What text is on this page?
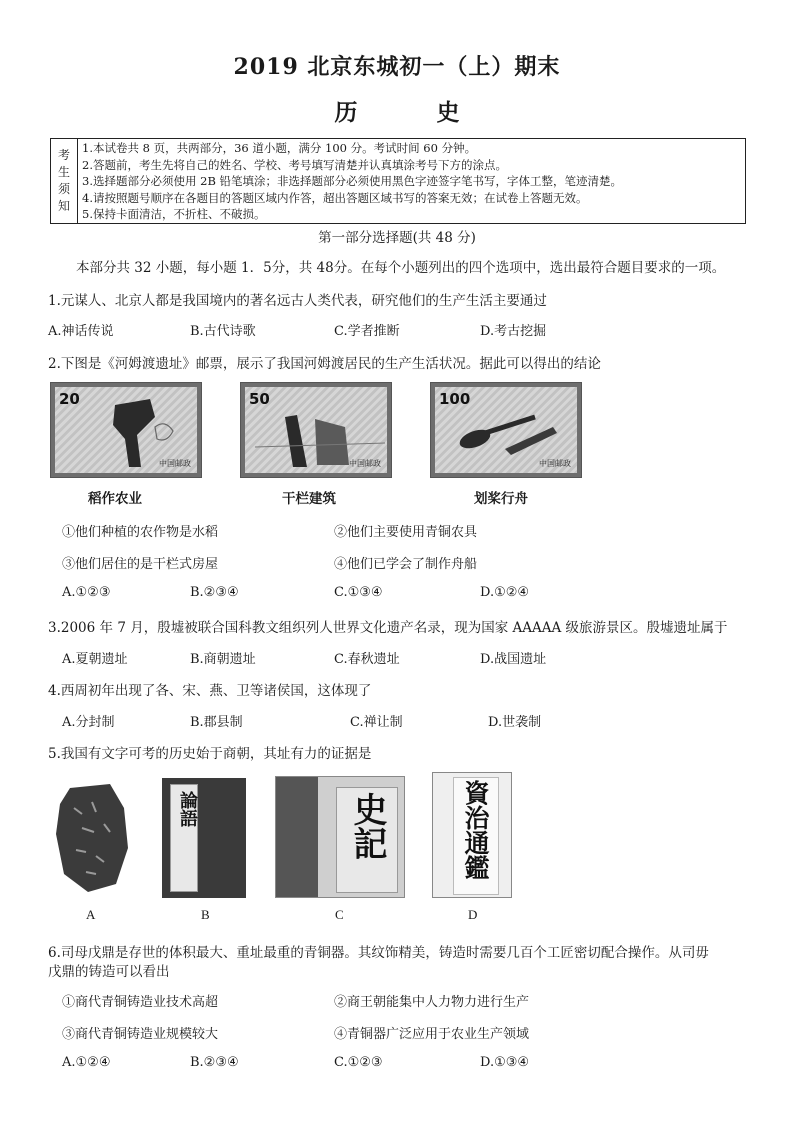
2019 北京东城初一（上）期末
历　史
考
生
须
知
1.本试卷共 8 页，共两部分，36 道小题，满分 100 分。考试时间 60 分钟。
2.答题前，考生先将自己的姓名、学校、考号填写清楚并认真填涂考号下方的涂点。
3.选择题部分必须使用 2B 铅笔填涂；非选择题部分必须使用黑色字迹签字笔书写，字体工整，笔迹清楚。
4.请按照题号顺序在各题目的答题区域内作答，超出答题区域书写的答案无效；在试卷上答题无效。
5.保持卡面清洁，不折柱、不破损。
第一部分选择题(共 48 分)
本部分共 32 小题，每小题 1．5分，共 48分。在每个小题列出的四个选项中，选出最符合题目要求的一项。
1.元谋人、北京人都是我国境内的著名远古人类代表，研究他们的生产生活主要通过
A.神话传说	B.古代诗歌	C.学者推断	D.考古挖掘
2.下图是《河姆渡遗址》邮票，展示了我国河姆渡居民的生产生活状况。据此可以得出的结论
20
中国邮政
50
中国邮政
100
中国邮政
稻作农业	干栏建筑	划桨行舟
①他们种植的农作物是水稻	②他们主要使用青铜农具
③他们居住的是干栏式房屋	④他们已学会了制作舟船
A.①②③	B.②③④	C.①③④	D.①②④
3.2006 年 7 月，殷墟被联合国科教文组织列人世界文化遗产名录，现为国家 AAAAA 级旅游景区。殷墟遗址属于
A.夏朝遗址	B.商朝遗址	C.春秋遗址	D.战国遗址
4.西周初年出现了各、宋、燕、卫等诸侯国，这体现了
A.分封制	B.郡县制	C.禅让制	D.世袭制
5.我国有文字可考的历史始于商朝，其址有力的证据是
論語	史記	資治通鑑
A	B	C	D
6.司母戊鼎是存世的体积最大、重址最重的青铜器。其纹饰精美，铸造时需要几百个工匠密切配合操作。从司毋
戊鼎的铸造可以看出
①商代青铜铸造业技术高超	②商王朝能集中人力物力进行生产
③商代青铜铸造业规模较大	④青铜器广泛应用于农业生产领域
A.①②④	B.②③④	C.①②③	D.①③④
